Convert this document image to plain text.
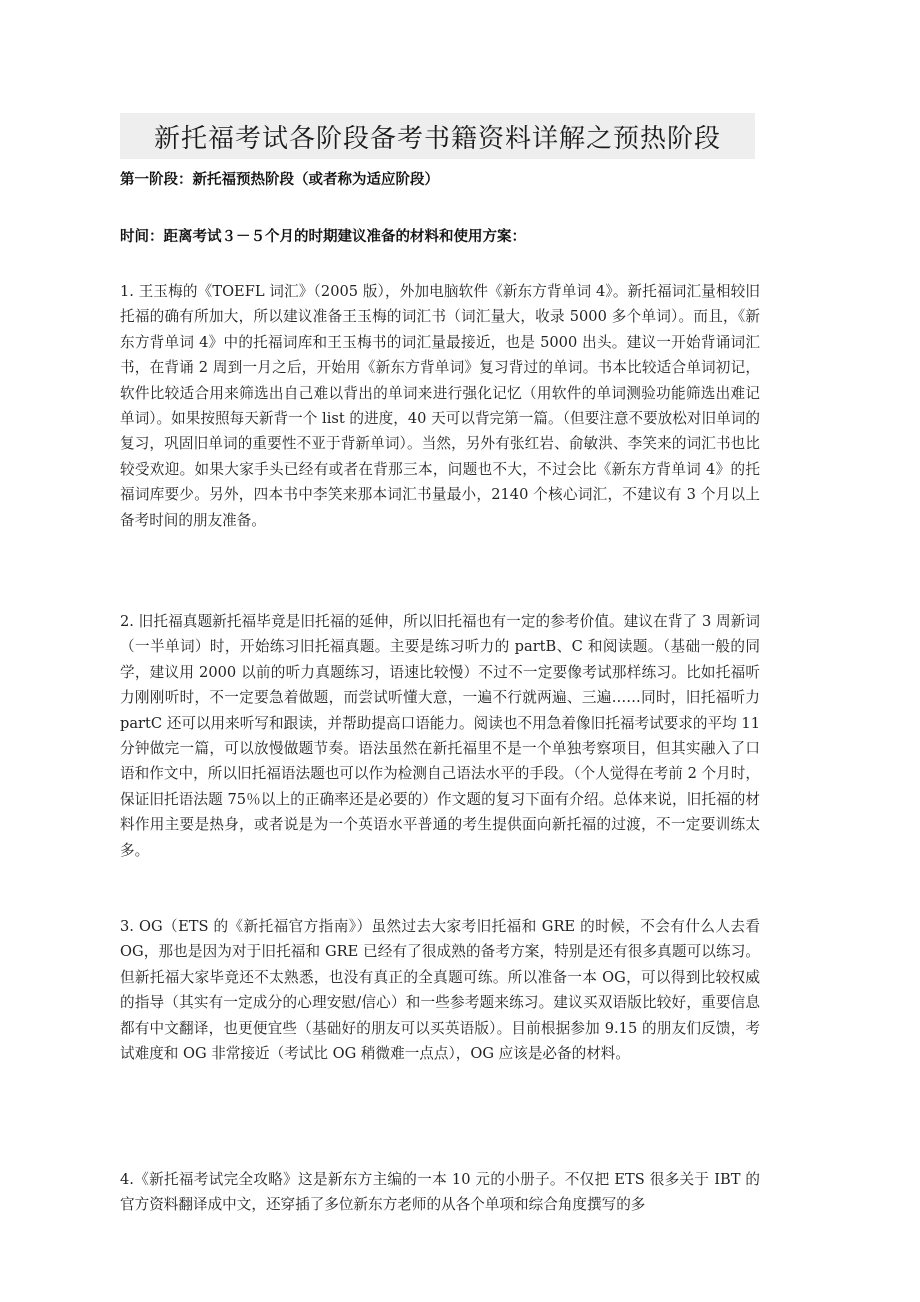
新托福考试各阶段备考书籍资料详解之预热阶段
第一阶段：新托福预热阶段（或者称为适应阶段）
时间：距离考试３－５个月的时期建议准备的材料和使用方案：

1. 王玉梅的《TOEFL 词汇》（2005 版），外加电脑软件《新东方背单词 4》。新托福词汇量相较旧托福的确有所加大，所以建议准备王玉梅的词汇书（词汇量大，收录 5000 多个单词）。而且，《新东方背单词 4》中的托福词库和王玉梅书的词汇量最接近，也是 5000 出头。建议一开始背诵词汇书，在背诵 2 周到一月之后，开始用《新东方背单词》复习背过的单词。书本比较适合单词初记，软件比较适合用来筛选出自己难以背出的单词来进行强化记忆（用软件的单词测验功能筛选出难记单词）。如果按照每天新背一个 list 的进度，40 天可以背完第一篇。（但要注意不要放松对旧单词的复习，巩固旧单词的重要性不亚于背新单词）。当然，另外有张红岩、俞敏洪、李笑来的词汇书也比较受欢迎。如果大家手头已经有或者在背那三本，问题也不大，不过会比《新东方背单词 4》的托福词库要少。另外，四本书中李笑来那本词汇书量最小，2140 个核心词汇，不建议有 3 个月以上备考时间的朋友准备。

2. 旧托福真题新托福毕竟是旧托福的延伸，所以旧托福也有一定的参考价值。建议在背了 3 周新词（一半单词）时，开始练习旧托福真题。主要是练习听力的 partB、C 和阅读题。（基础一般的同学，建议用 2000 以前的听力真题练习，语速比较慢）不过不一定要像考试那样练习。比如托福听力刚刚听时，不一定要急着做题，而尝试听懂大意，一遍不行就两遍、三遍……同时，旧托福听力 partC 还可以用来听写和跟读，并帮助提高口语能力。阅读也不用急着像旧托福考试要求的平均 11 分钟做完一篇，可以放慢做题节奏。语法虽然在新托福里不是一个单独考察项目，但其实融入了口语和作文中，所以旧托福语法题也可以作为检测自己语法水平的手段。（个人觉得在考前 2 个月时，保证旧托语法题 75％以上的正确率还是必要的）作文题的复习下面有介绍。总体来说，旧托福的材料作用主要是热身，或者说是为一个英语水平普通的考生提供面向新托福的过渡，不一定要训练太多。

3. OG（ETS 的《新托福官方指南》）虽然过去大家考旧托福和 GRE 的时候，不会有什么人去看 OG，那也是因为对于旧托福和 GRE 已经有了很成熟的备考方案，特别是还有很多真题可以练习。但新托福大家毕竟还不太熟悉，也没有真正的全真题可练。所以准备一本 OG，可以得到比较权威的指导（其实有一定成分的心理安慰/信心）和一些参考题来练习。建议买双语版比较好，重要信息都有中文翻译，也更便宜些（基础好的朋友可以买英语版）。目前根据参加 9.15 的朋友们反馈，考试难度和 OG 非常接近（考试比 OG 稍微难一点点），OG 应该是必备的材料。

4.《新托福考试完全攻略》这是新东方主编的一本 10 元的小册子。不仅把 ETS 很多关于 IBT 的官方资料翻译成中文，还穿插了多位新东方老师的从各个单项和综合角度撰写的多
